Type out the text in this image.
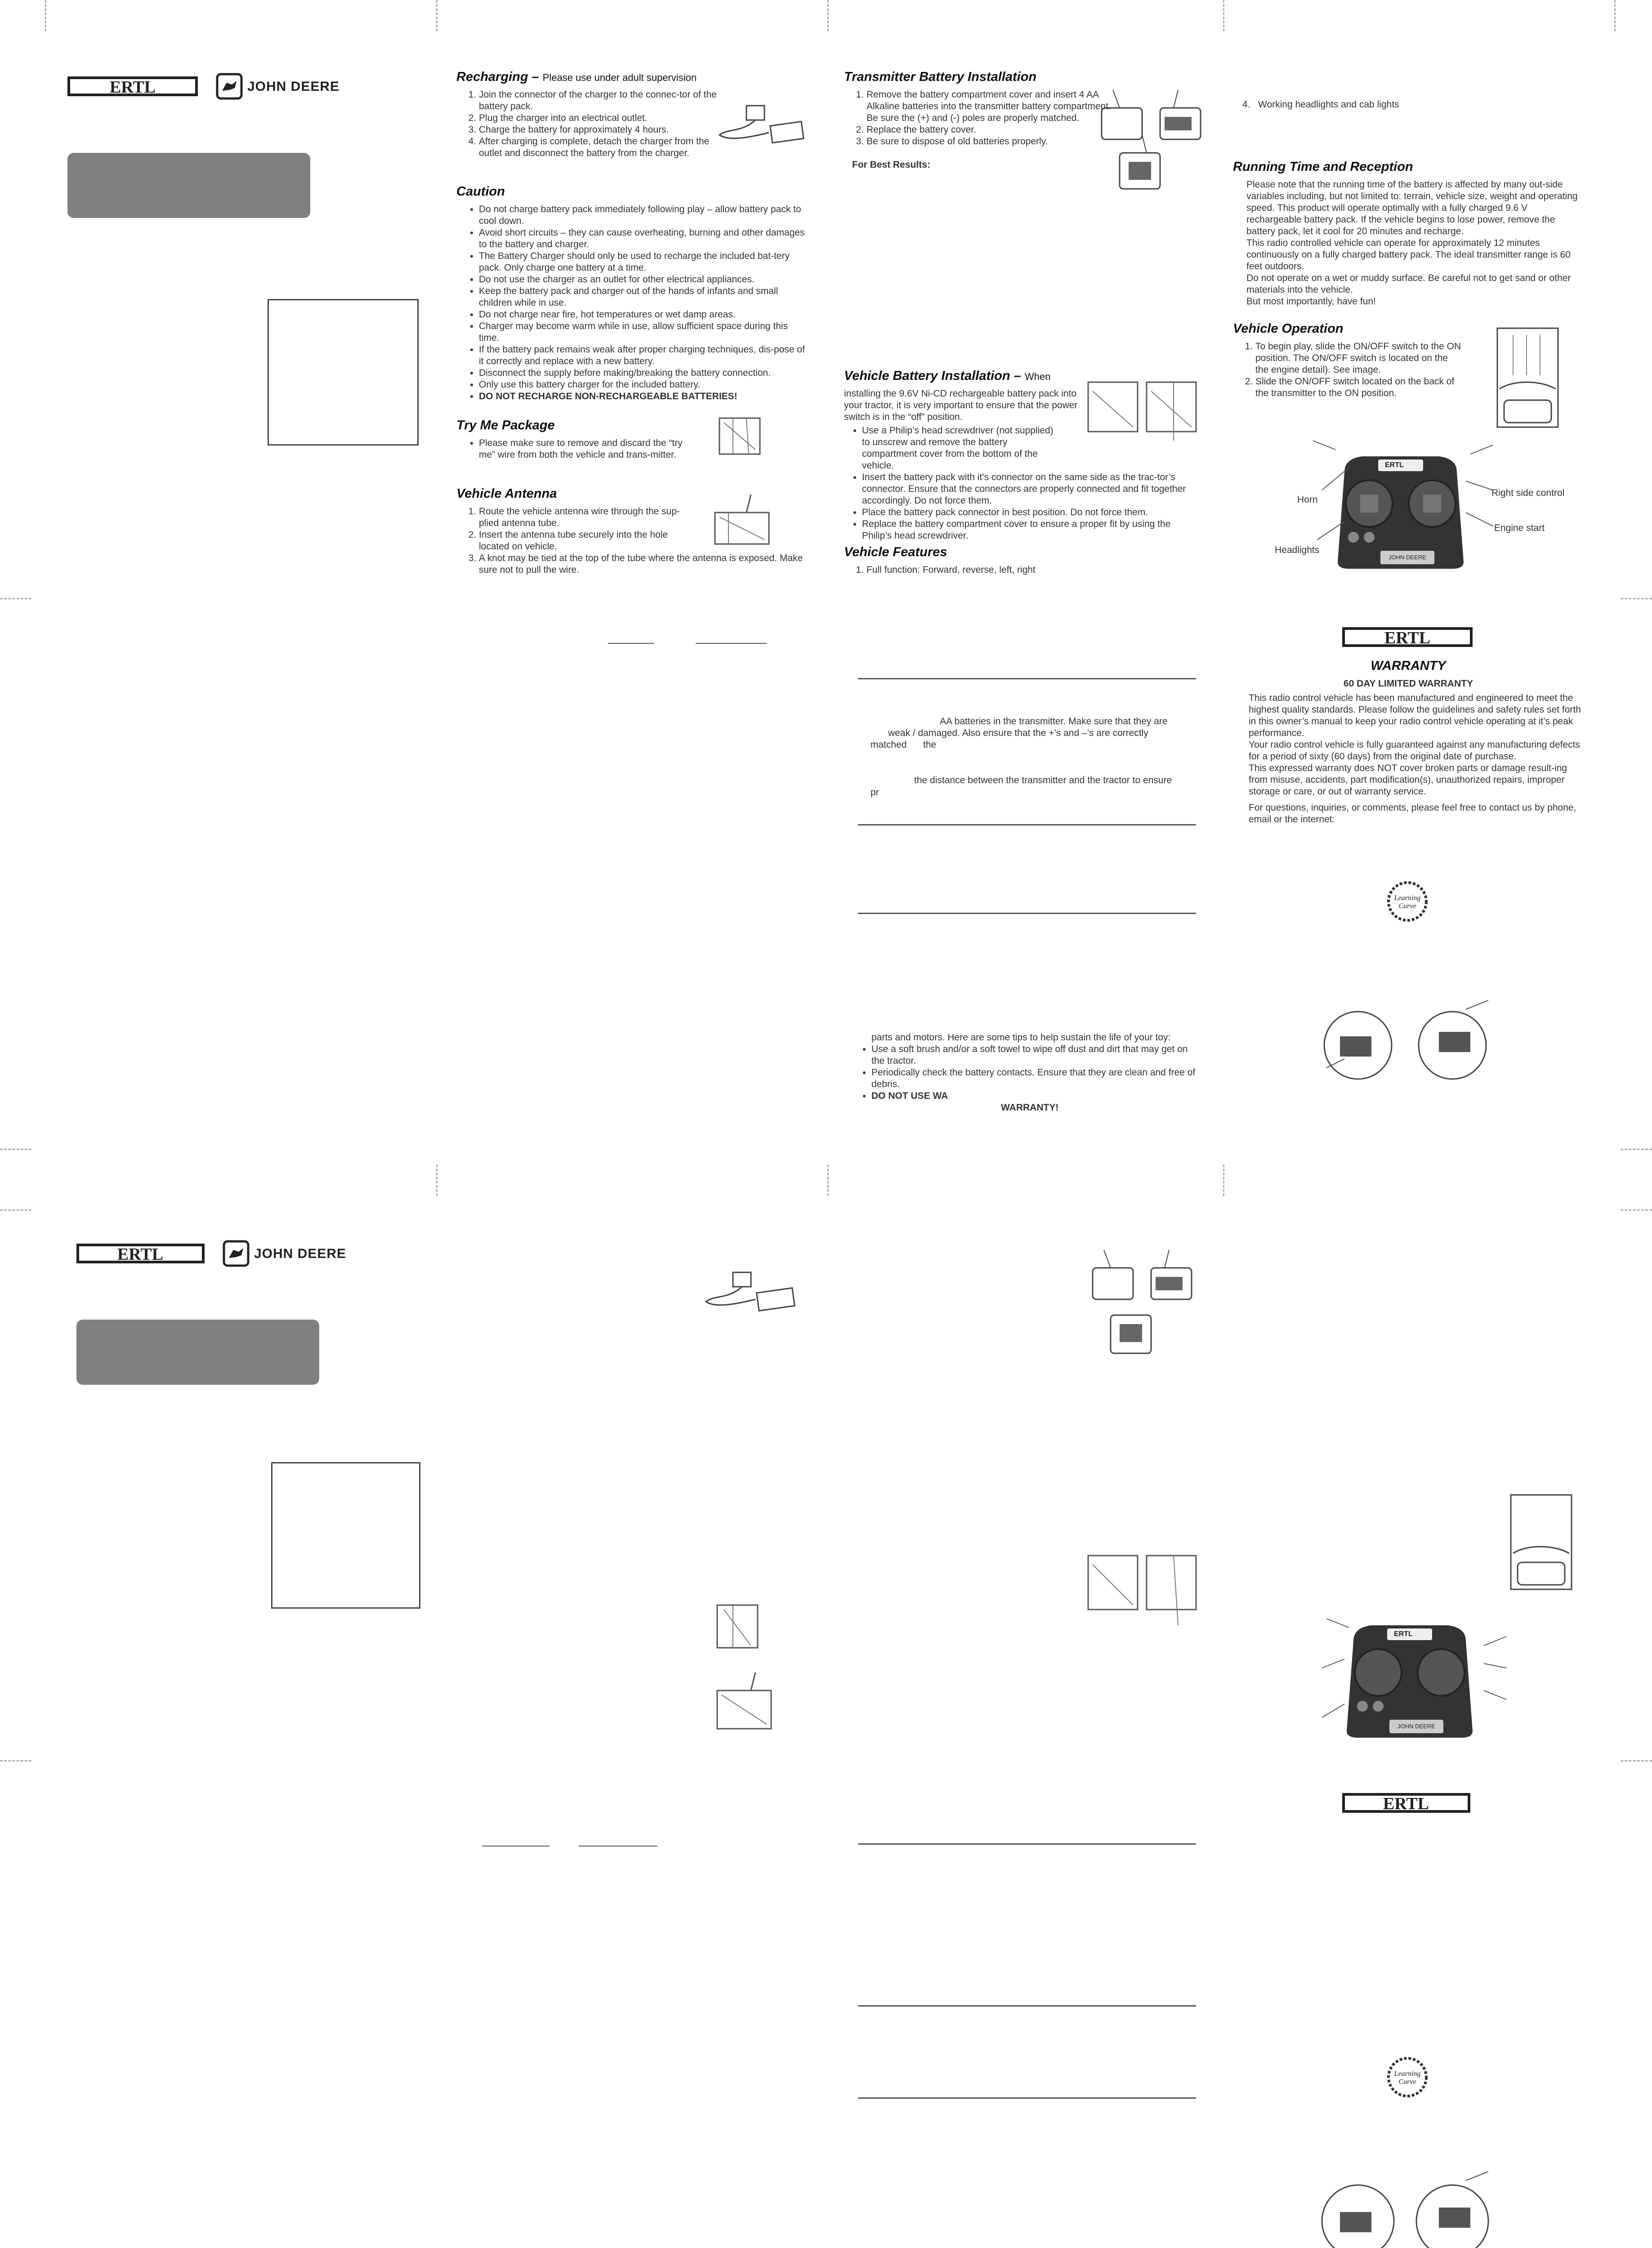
ERTL	JOHN DEERE
Recharging – Please use under adult supervision
1. Join the connector of the charger to the connec-tor of the battery pack.
2. Plug the charger into an electrical outlet.
3. Charge the battery for approximately 4 hours.
4. After charging is complete, detach the charger from the outlet and disconnect the battery from the charger.
Caution
• Do not charge battery pack immediately following play – allow battery pack to cool down.
• Avoid short circuits – they can cause overheating, burning and other damages to the battery and charger.
• The Battery Charger should only be used to recharge the included bat-tery pack. Only charge one battery at a time.
• Do not use the charger as an outlet for other electrical appliances.
• Keep the battery pack and charger out of the hands of infants and small children while in use.
• Do not charge near fire, hot temperatures or wet damp areas.
• Charger may become warm while in use, allow sufficient space during this time.
• If the battery pack remains weak after proper charging techniques, dis-pose of it correctly and replace with a new battery.
• Disconnect the supply before making/breaking the battery connection.
• Only use this battery charger for the included battery.
• DO NOT RECHARGE NON-RECHARGEABLE BATTERIES!
Try Me Package
• Please make sure to remove and discard the “try me” wire from both the vehicle and trans-mitter.
Vehicle Antenna
1. Route the vehicle antenna wire through the sup-plied antenna tube.
2. Insert the antenna tube securely into the hole located on vehicle.
3. A knot may be tied at the top of the tube where the antenna is exposed. Make sure not to pull the wire.
Transmitter Battery Installation
1. Remove the battery compartment cover and insert 4 AA Alkaline batteries into the transmitter battery compartment. Be sure the (+) and (-) poles are properly matched.
2. Replace the battery cover.
3. Be sure to dispose of old batteries properly.
For Best Results:
Vehicle Battery Installation – When
installing the 9.6V Ni-CD rechargeable battery pack into your tractor, it is very important to ensure that the power switch is in the “off” position.
• Use a Philip’s head screwdriver (not supplied) to unscrew and remove the battery compartment cover from the bottom of the vehicle.
• Insert the battery pack with it’s connector on the same side as the trac-tor’s connector. Ensure that the connectors are properly connected and fit together accordingly. Do not force them.
• Place the battery pack connector in best position. Do not force them.
• Replace the battery compartment cover to ensure a proper fit by using the Philip’s head screwdriver.
Vehicle Features
1. Full function: Forward, reverse, left, right
AA batteries in the transmitter. Make sure that they are
weak / damaged. Also ensure that the +’s and –’s are correctly
matched the
the distance between the transmitter and the tractor to ensure
pr
parts and motors. Here are some tips to help sustain the life of your toy:
• Use a soft brush and/or a soft towel to wipe off dust and dirt that may get on the tractor.
• Periodically check the battery contacts. Ensure that they are clean and free of debris.
• DO NOT USE WA
WARRANTY!
4. Working headlights and cab lights
Running Time and Reception
Please note that the running time of the battery is affected by many out-side variables including, but not limited to: terrain, vehicle size, weight and operating speed. This product will operate optimally with a fully charged 9.6 V rechargeable battery pack. If the vehicle begins to lose power, remove the battery pack, let it cool for 20 minutes and recharge.
This radio controlled vehicle can operate for approximately 12 minutes continuously on a fully charged battery pack. The ideal transmitter range is 60 feet outdoors.
Do not operate on a wet or muddy surface. Be careful not to get sand or other materials into the vehicle.
But most importantly, have fun!
Vehicle Operation
1. To begin play, slide the ON/OFF switch to the ON position. The ON/OFF switch is located on the the engine detail). See image.
2. Slide the ON/OFF switch located on the back of the transmitter to the ON position.
ERTL
JOHN DEERE
Horn
Headlights
Right side control
Engine start
ERTL
WARRANTY
60 DAY LIMITED WARRANTY
This radio control vehicle has been manufactured and engineered to meet the highest quality standards. Please follow the guidelines and safety rules set forth in this owner’s manual to keep your radio control vehicle operating at it’s peak performance.
Your radio control vehicle is fully guaranteed against any manufacturing defects for a period of sixty (60 days) from the original date of purchase.
This expressed warranty does NOT cover broken parts or damage result-ing from misuse, accidents, part modification(s), unauthorized repairs, improper storage or care, or out of warranty service.
For questions, inquiries, or comments, please feel free to contact us by phone, email or the internet:
Learning
Curve
ERTL	JOHN DEERE
ERTL
JOHN DEERE
ERTL
Learning
Curve
